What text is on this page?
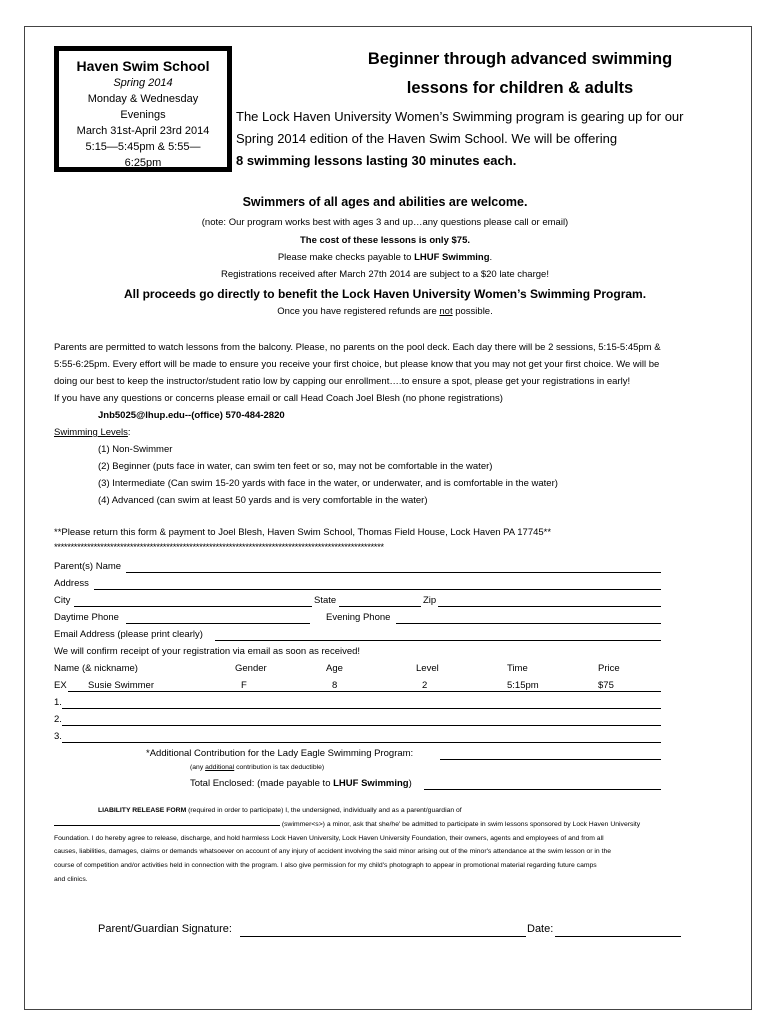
Haven Swim School
Spring 2014
Monday & Wednesday
Evenings
March 31st-April 23rd 2014
5:15—5:45pm & 5:55—
6:25pm
Beginner through advanced swimming
lessons for children & adults
The Lock Haven University Women’s Swimming program is gearing up for our
Spring 2014 edition of the Haven Swim School. We will be offering
8 swimming lessons lasting 30 minutes each.
Swimmers of all ages and abilities are welcome.
(note: Our program works best with ages 3 and up…any questions please call or email)
The cost of these lessons is only $75.
Please make checks payable to LHUF Swimming.
Registrations received after March 27th 2014 are subject to a $20 late charge!
All proceeds go directly to benefit the Lock Haven University Women’s Swimming Program.
Once you have registered refunds are not possible.
Parents are permitted to watch lessons from the balcony. Please, no parents on the pool deck. Each day there will be 2 sessions, 5:15-5:45pm &
5:55-6:25pm. Every effort will be made to ensure you receive your first choice, but please know that you may not get your first choice. We will be
doing our best to keep the instructor/student ratio low by capping our enrollment….to ensure a spot, please get your registrations in early!
If you have any questions or concerns please email or call Head Coach Joel Blesh (no phone registrations)
Jnb5025@lhup.edu--(office) 570-484-2820
Swimming Levels:
(1) Non-Swimmer
(2) Beginner (puts face in water, can swim ten feet or so, may not be comfortable in the water)
(3) Intermediate (Can swim 15-20 yards with face in the water, or underwater, and is comfortable in the water)
(4) Advanced (can swim at least 50 yards and is very comfortable in the water)
**Please return this form & payment to Joel Blesh, Haven Swim School, Thomas Field House, Lock Haven PA 17745**
****************************************************************************************************
Parent(s) Name
Address
City	State	Zip
Daytime Phone	Evening Phone
Email Address (please print clearly)
We will confirm receipt of your registration via email as soon as received!
Name (& nickname)	Gender	Age	Level	Time	Price
EX Susie Swimmer	F	8	2	5:15pm	$75
1.
2.
3.
*Additional Contribution for the Lady Eagle Swimming Program:
(any additional contribution is tax deductible)
Total Enclosed: (made payable to LHUF Swimming)
LIABILITY RELEASE FORM (required in order to participate) I, the undersigned, individually and as a parent/guardian of
(swimmer<s>) a minor, ask that she/he' be admitted to participate in swim lessons sponsored by Lock Haven University
Foundation. I do hereby agree to release, discharge, and hold harmless Lock Haven University, Lock Haven University Foundation, their owners, agents and employees of and from all
causes, liabilities, damages, claims or demands whatsoever on account of any injury of accident involving the said minor arising out of the minor's attendance at the swim lesson or in the
course of competition and/or activities held in connection with the program. I also give permission for my child's photograph to appear in promotional material regarding future camps
and clinics.
Parent/Guardian Signature:	Date:
